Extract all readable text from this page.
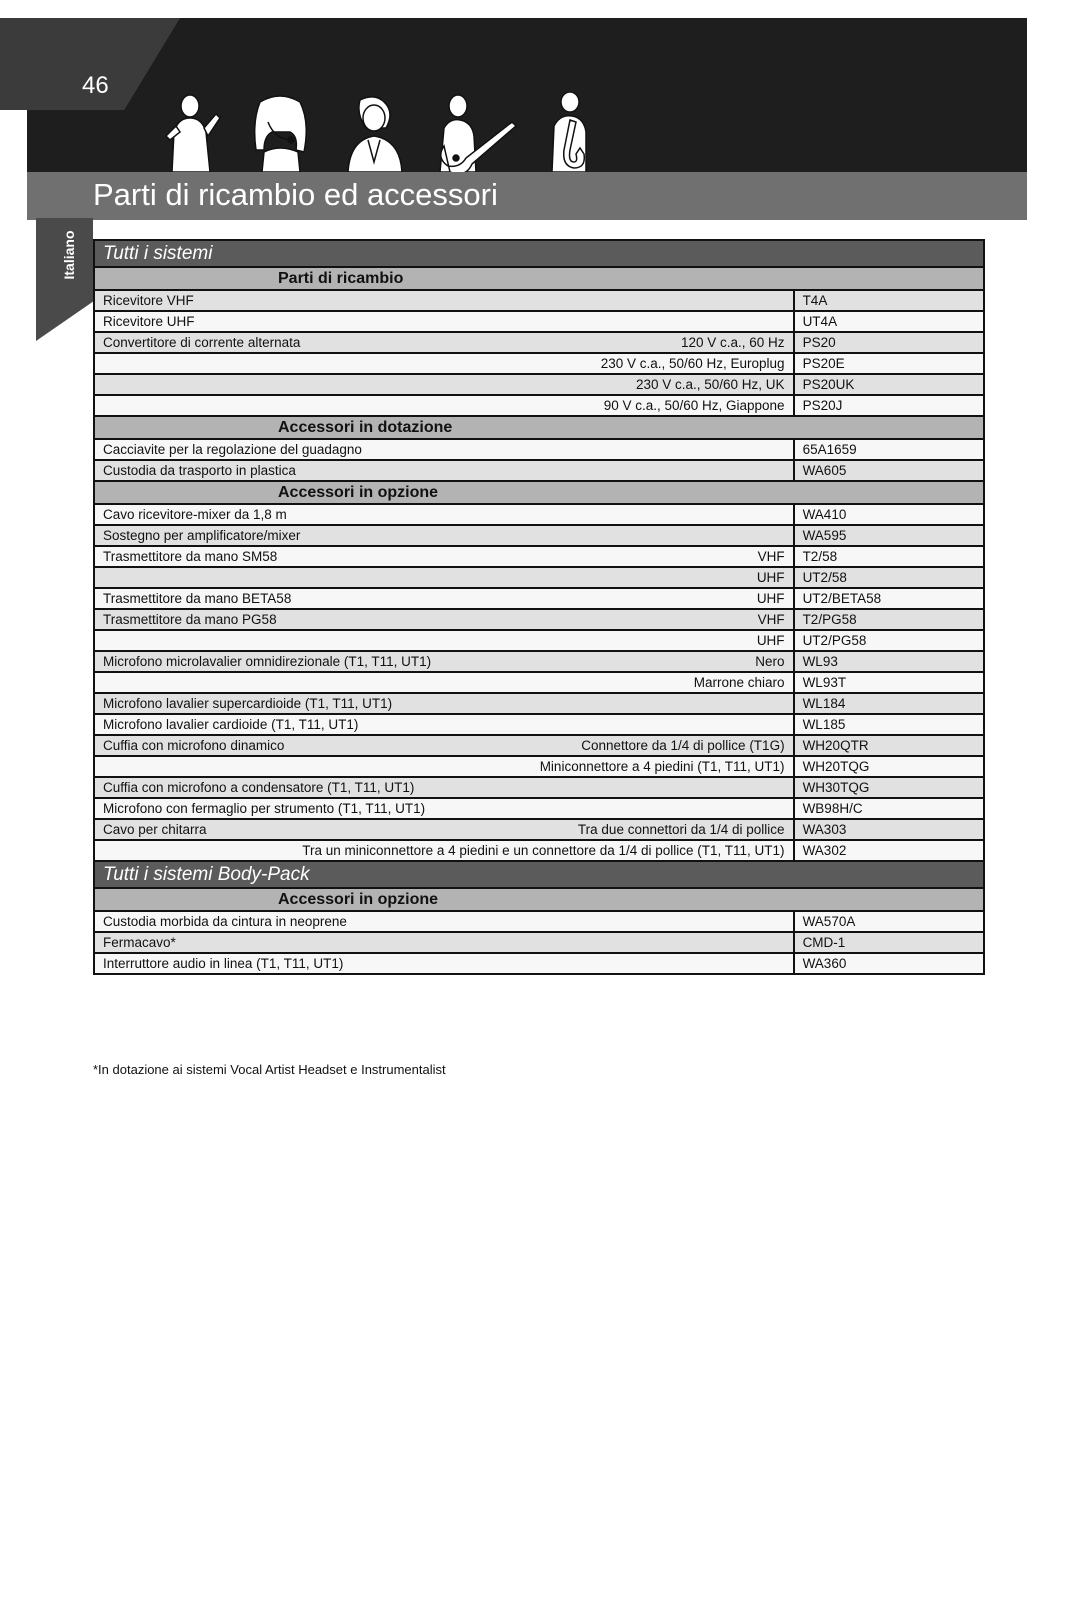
46
Parti di ricambio ed accessori
Italiano Tutti i sistemi	
Parti di ricambio	

Ricevitore VHF	T4A

Ricevitore UHF	UT4A

Convertitore di corrente alternata 120 V c.a., 60 Hz	PS20

230 V c.a., 50/60 Hz, Europlug	PS20E

230 V c.a., 50/60 Hz, UK	PS20UK

90 V c.a., 50/60 Hz, Giappone	PS20J
Accessori in dotazione	

Cacciavite per la regolazione del guadagno	65A1659

Custodia da trasporto in plastica	WA605
Accessori in opzione	

Cavo ricevitore-mixer da 1,8 m	WA410

Sostegno per amplificatore/mixer	WA595

Trasmettitore da mano SM58 VHF	T2/58

UHF	UT2/58

Trasmettitore da mano BETA58 UHF	UT2/BETA58

Trasmettitore da mano PG58 VHF	T2/PG58

UHF	UT2/PG58

Microfono microlavalier omnidirezionale (T1, T11, UT1) Nero	WL93

Marrone chiaro	WL93T

Microfono lavalier supercardioide (T1, T11, UT1)	WL184

Microfono lavalier cardioide (T1, T11, UT1)	WL185

Cuffia con microfono dinamico Connettore da 1/4 di pollice (T1G)	WH20QTR

Miniconnettore a 4 piedini (T1, T11, UT1)	WH20TQG

Cuffia con microfono a condensatore (T1, T11, UT1)	WH30TQG

Microfono con fermaglio per strumento (T1, T11, UT1)	WB98H/C

Cavo per chitarra Tra due connettori da 1/4 di pollice	WA303

Tra un miniconnettore a 4 piedini e un connettore da 1/4 di pollice (T1, T11, UT1)	WA302
Tutti i sistemi Body-Pack	
Accessori in opzione	

Custodia morbida da cintura in neoprene	WA570A

Fermacavo*	CMD-1

Interruttore audio in linea (T1, T11, UT1)	WA360
*In dotazione ai sistemi Vocal Artist Headset e Instrumentalist
